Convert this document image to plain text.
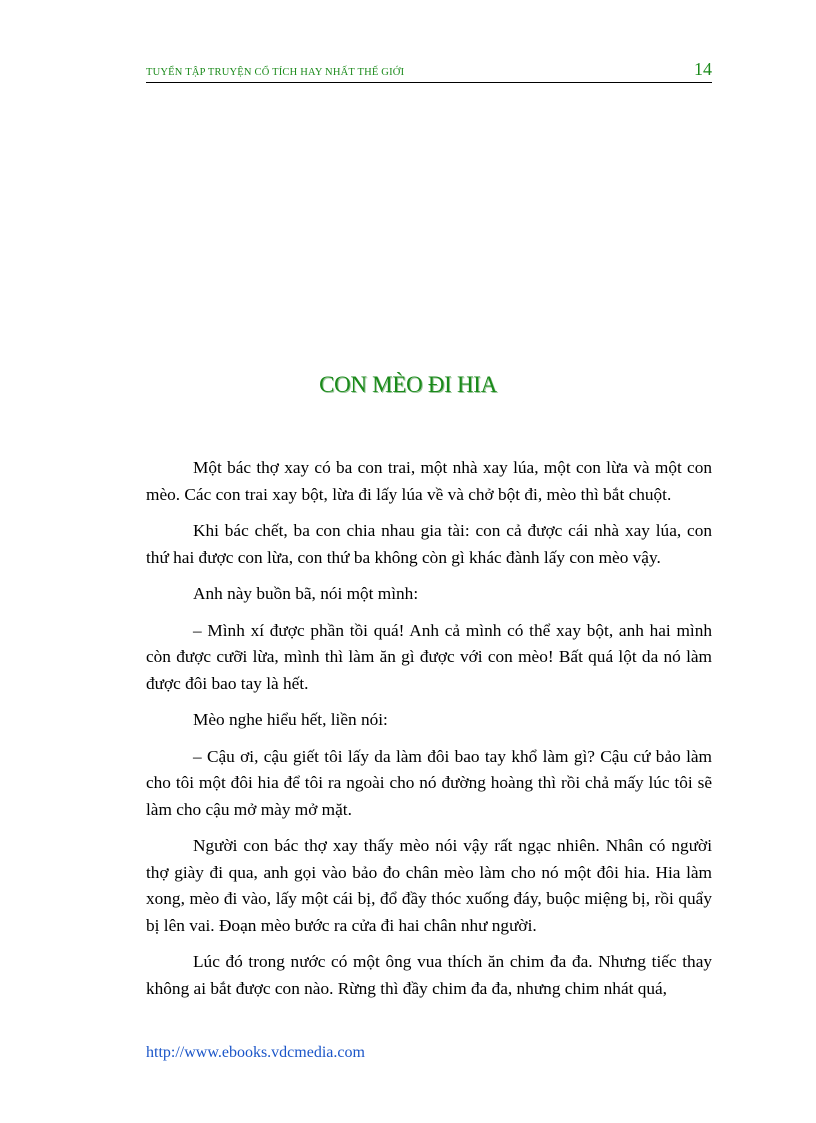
TUYỂN TẬP TRUYỆN CỔ TÍCH HAY NHẤT THẾ GIỚI	14
CON MÈO ĐI HIA

Một bác thợ xay có ba con trai, một nhà xay lúa, một con lừa và một con mèo. Các con trai xay bột, lừa đi lấy lúa về và chở bột đi, mèo thì bắt chuột.

Khi bác chết, ba con chia nhau gia tài: con cả được cái nhà xay lúa, con thứ hai được con lừa, con thứ ba không còn gì khác đành lấy con mèo vậy.

Anh này buồn bã, nói một mình:

– Mình xí được phần tồi quá! Anh cả mình có thể xay bột, anh hai mình còn được cưỡi lừa, mình thì làm ăn gì được với con mèo! Bất quá lột da nó làm được đôi bao tay là hết.

Mèo nghe hiểu hết, liền nói:

– Cậu ơi, cậu giết tôi lấy da làm đôi bao tay khổ làm gì? Cậu cứ bảo làm cho tôi một đôi hia để tôi ra ngoài cho nó đường hoàng thì rồi chả mấy lúc tôi sẽ làm cho cậu mở mày mở mặt.

Người con bác thợ xay thấy mèo nói vậy rất ngạc nhiên. Nhân có người thợ giày đi qua, anh gọi vào bảo đo chân mèo làm cho nó một đôi hia. Hia làm xong, mèo đi vào, lấy một cái bị, đổ đầy thóc xuống đáy, buộc miệng bị, rồi quẩy bị lên vai. Đoạn mèo bước ra cửa đi hai chân như người.

Lúc đó trong nước có một ông vua thích ăn chim đa đa. Nhưng tiếc thay không ai bắt được con nào. Rừng thì đầy chim đa đa, nhưng chim nhát quá,

http://www.ebooks.vdcmedia.com
